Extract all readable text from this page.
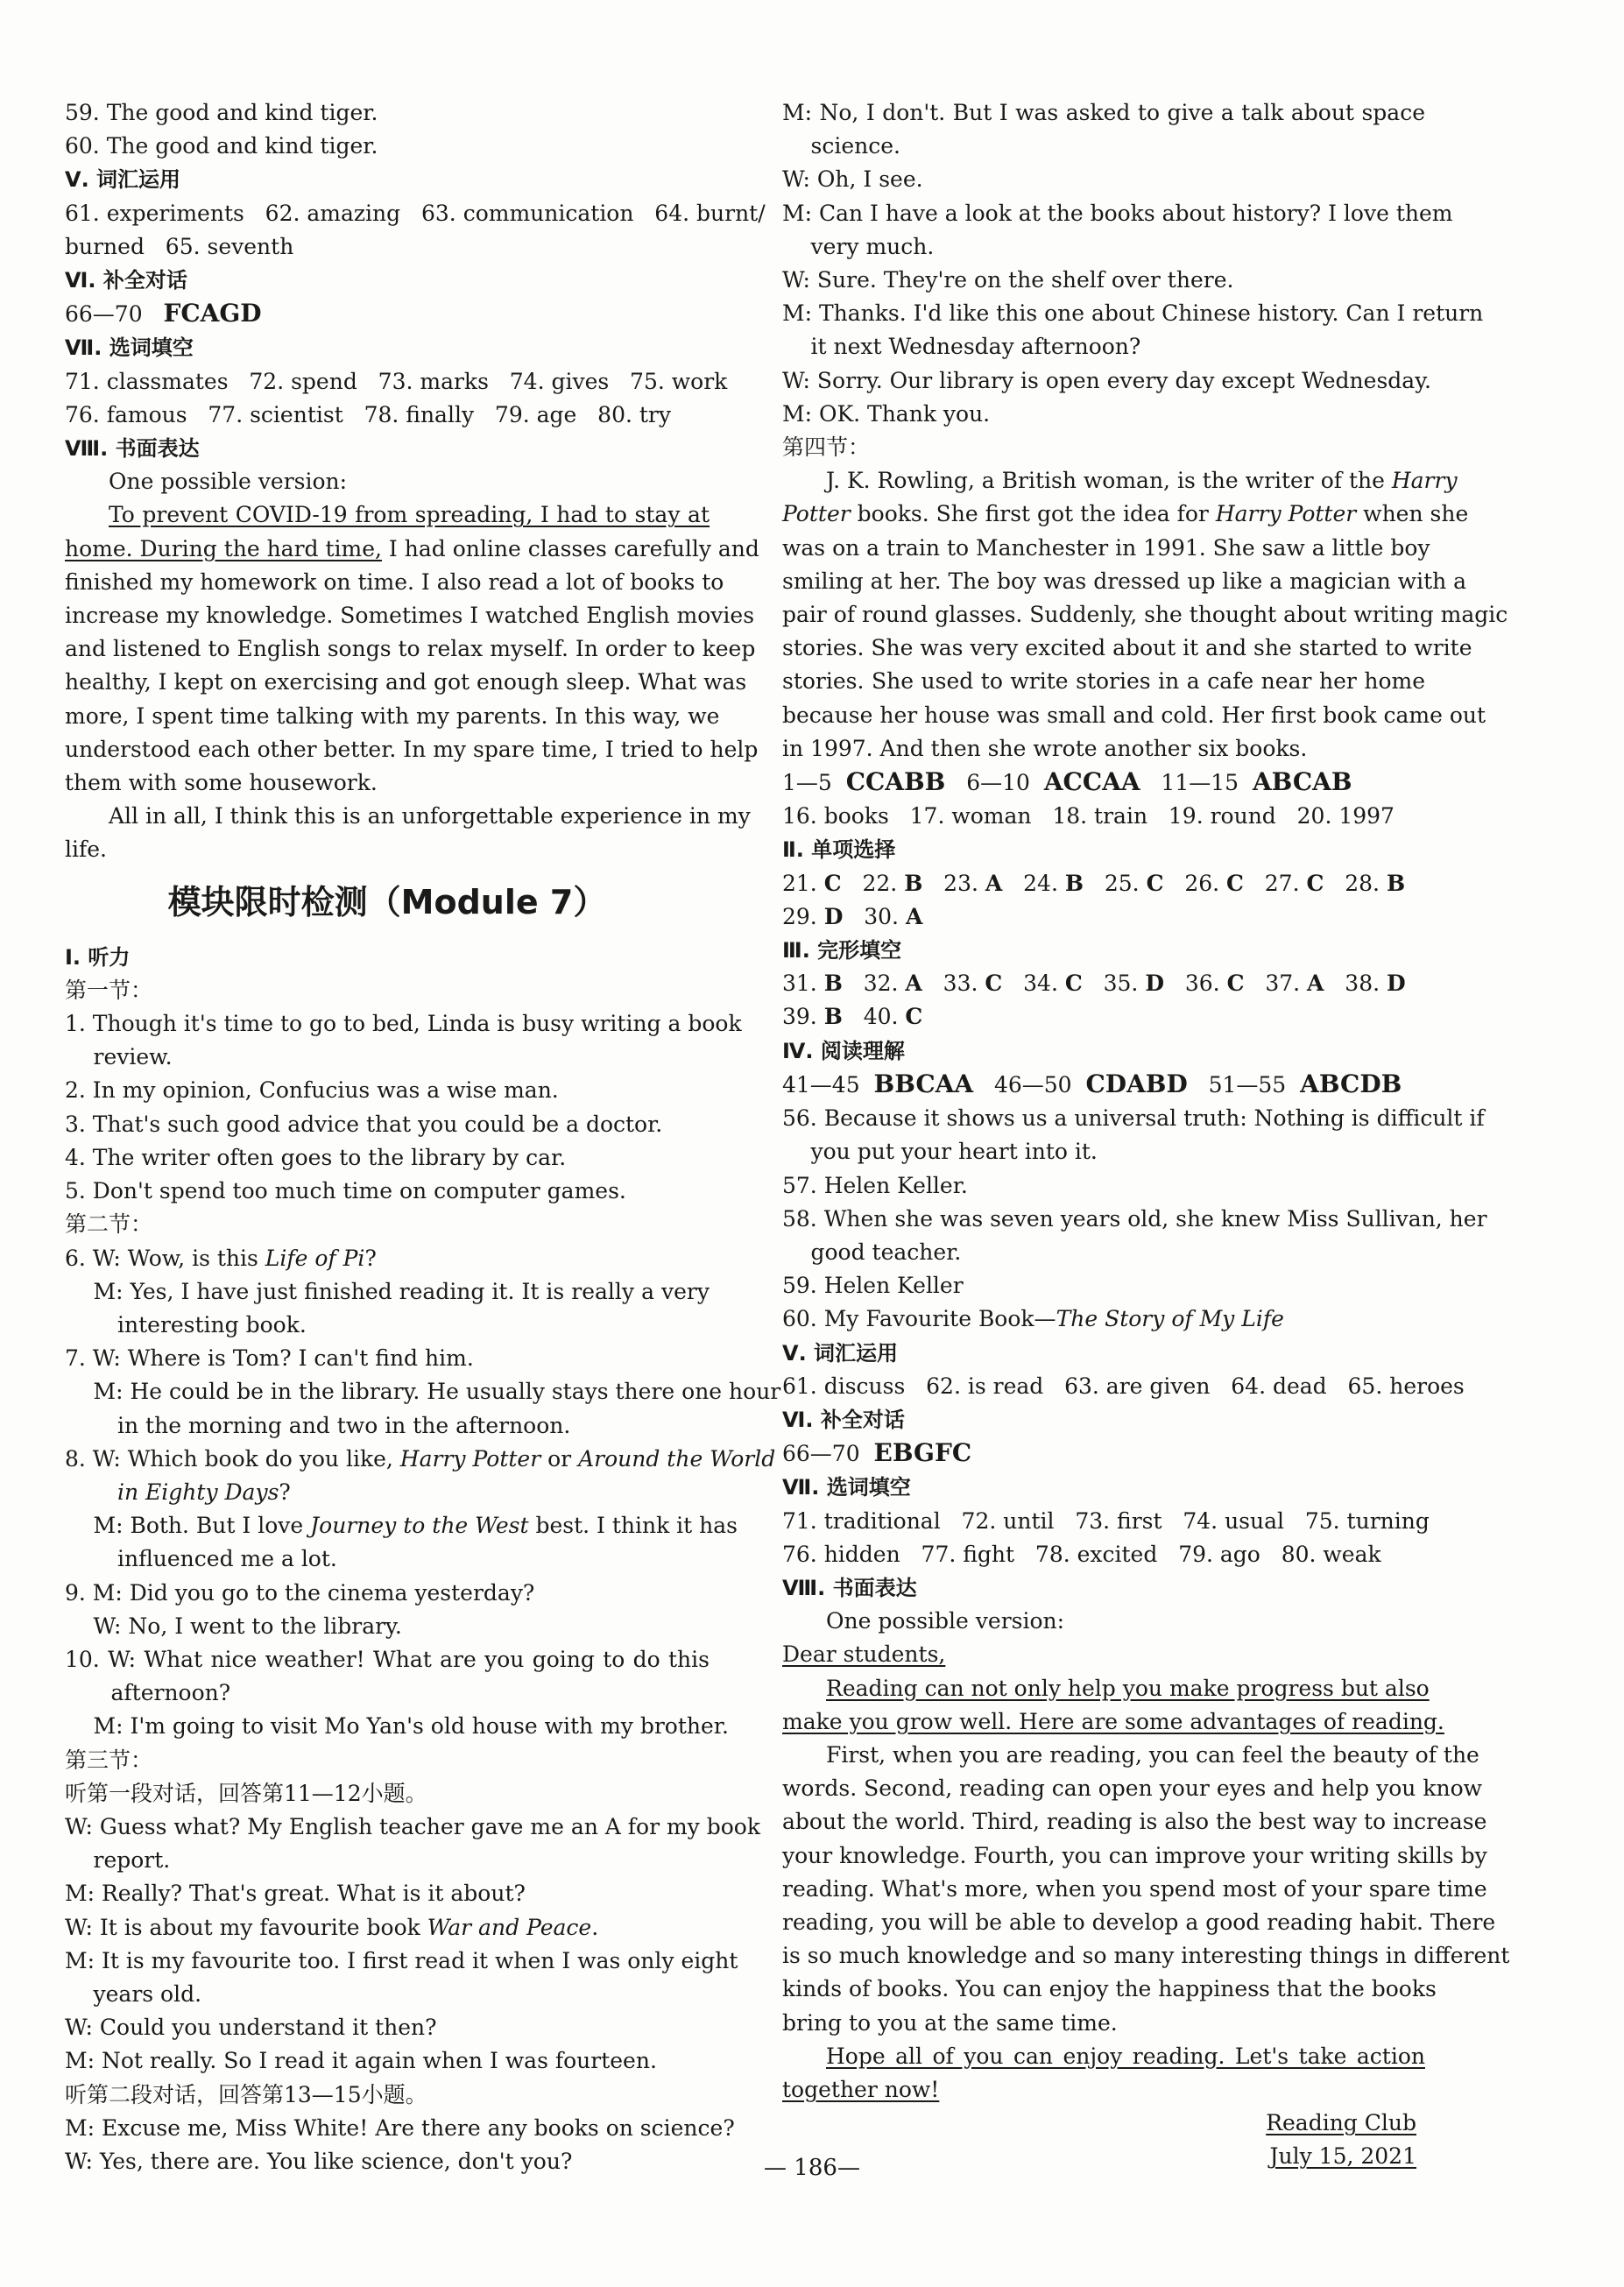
59. The good and kind tiger.
60. The good and kind tiger.
Ⅴ. 词汇运用
61. experiments   62. amazing   63. communication   64. burnt/
burned   65. seventh
Ⅵ. 补全对话
66—70 FCAGD
Ⅶ. 选词填空
71. classmates   72. spend   73. marks   74. gives   75. work
76. famous   77. scientist   78. finally   79. age   80. try
Ⅷ. 书面表达
One possible version:
To prevent COVID-19 from spreading, I had to stay at
home. During the hard time, I had online classes carefully and
finished my homework on time. I also read a lot of books to
increase my knowledge. Sometimes I watched English movies
and listened to English songs to relax myself. In order to keep
healthy, I kept on exercising and got enough sleep. What was
more, I spent time talking with my parents. In this way, we
understood each other better. In my spare time, I tried to help
them with some housework.
All in all, I think this is an unforgettable experience in my
life.
模块限时检测（Module 7）
Ⅰ. 听力
第一节：
1. Though it's time to go to bed, Linda is busy writing a book
review.
2. In my opinion, Confucius was a wise man.
3. That's such good advice that you could be a doctor.
4. The writer often goes to the library by car.
5. Don't spend too much time on computer games.
第二节：
6. W: Wow, is this Life of Pi?
M: Yes, I have just finished reading it. It is really a very
interesting book.
7. W: Where is Tom? I can't find him.
M: He could be in the library. He usually stays there one hour
in the morning and two in the afternoon.
8. W: Which book do you like, Harry Potter or Around the World
in Eighty Days?
M: Both. But I love Journey to the West best. I think it has
influenced me a lot.
9. M: Did you go to the cinema yesterday?
W: No, I went to the library.
10. W: What nice weather! What are you going to do this
afternoon?
M: I'm going to visit Mo Yan's old house with my brother.
第三节：
听第一段对话，回答第11—12小题。
W: Guess what? My English teacher gave me an A for my book
report.
M: Really? That's great. What is it about?
W: It is about my favourite book War and Peace.
M: It is my favourite too. I first read it when I was only eight
years old.
W: Could you understand it then?
M: Not really. So I read it again when I was fourteen.
听第二段对话，回答第13—15小题。
M: Excuse me, Miss White! Are there any books on science?
W: Yes, there are. You like science, don't you?
M: No, I don't. But I was asked to give a talk about space
science.
W: Oh, I see.
M: Can I have a look at the books about history? I love them
very much.
W: Sure. They're on the shelf over there.
M: Thanks. I'd like this one about Chinese history. Can I return
it next Wednesday afternoon?
W: Sorry. Our library is open every day except Wednesday.
M: OK. Thank you.
第四节：
J. K. Rowling, a British woman, is the writer of the Harry
Potter books. She first got the idea for Harry Potter when she
was on a train to Manchester in 1991. She saw a little boy
smiling at her. The boy was dressed up like a magician with a
pair of round glasses. Suddenly, she thought about writing magic
stories. She was very excited about it and she started to write
stories. She used to write stories in a cafe near her home
because her house was small and cold. Her first book came out
in 1997. And then she wrote another six books.
1—5 CCABB 6—10 ACCAA 11—15 ABCAB
16. books   17. woman   18. train   19. round   20. 1997
Ⅱ. 单项选择
21. C 22. B 23. A 24. B 25. C 26. C 27. C 28. B
29. D 30. A
Ⅲ. 完形填空
31. B 32. A 33. C 34. C 35. D 36. C 37. A 38. D
39. B 40. C
Ⅳ. 阅读理解
41—45 BBCAA 46—50 CDABD 51—55 ABCDB
56. Because it shows us a universal truth: Nothing is difficult if
you put your heart into it.
57. Helen Keller.
58. When she was seven years old, she knew Miss Sullivan, her
good teacher.
59. Helen Keller
60. My Favourite Book—The Story of My Life
Ⅴ. 词汇运用
61. discuss   62. is read   63. are given   64. dead   65. heroes
Ⅵ. 补全对话
66—70 EBGFC
Ⅶ. 选词填空
71. traditional   72. until   73. first   74. usual   75. turning
76. hidden   77. fight   78. excited   79. ago   80. weak
Ⅷ. 书面表达
One possible version:
Dear students,
Reading can not only help you make progress but also
make you grow well. Here are some advantages of reading.
First, when you are reading, you can feel the beauty of the
words. Second, reading can open your eyes and help you know
about the world. Third, reading is also the best way to increase
your knowledge. Fourth, you can improve your writing skills by
reading. What's more, when you spend most of your spare time
reading, you will be able to develop a good reading habit. There
is so much knowledge and so many interesting things in different
kinds of books. You can enjoy the happiness that the books
bring to you at the same time.
Hope all of you can enjoy reading. Let's take action
together now!
Reading Club
July 15, 2021
— 186—
